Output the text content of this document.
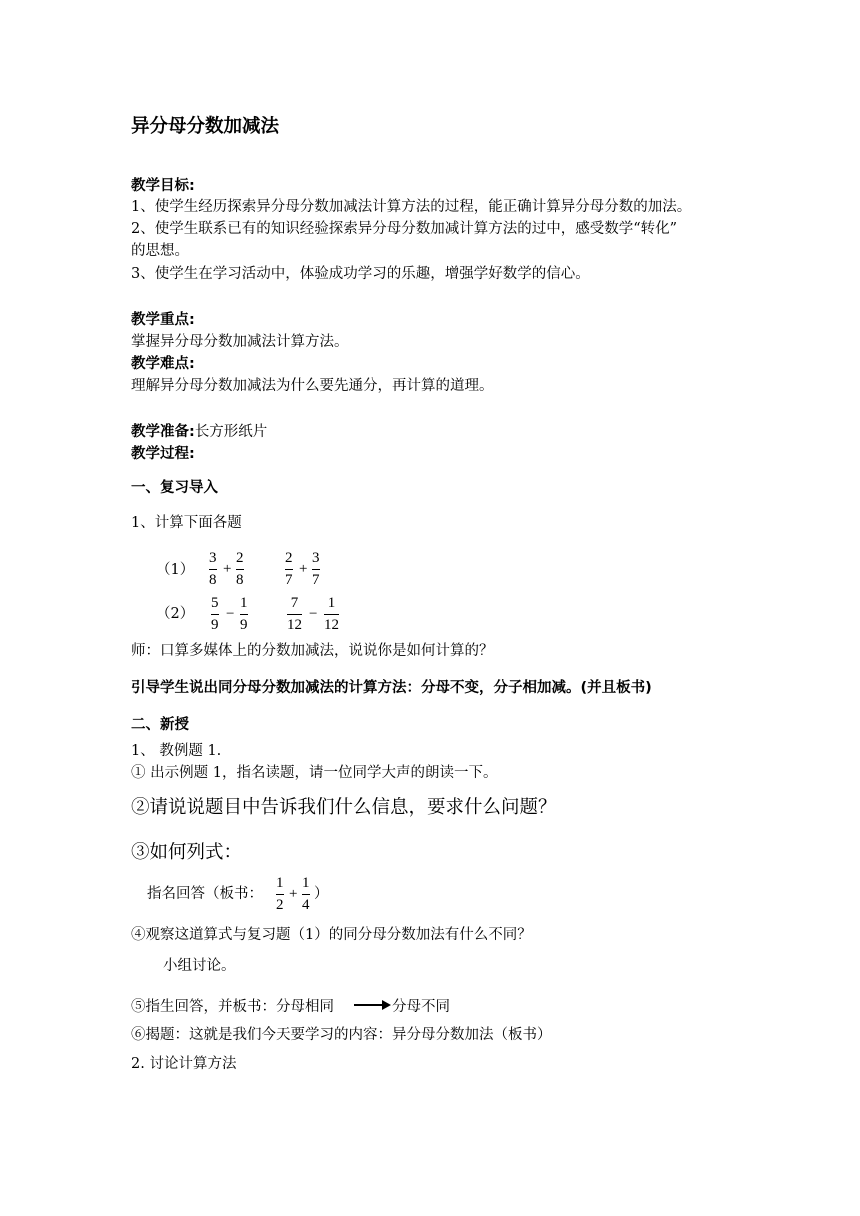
异分母分数加减法
教学目标:
1、使学生经历探索异分母分数加减法计算方法的过程，能正确计算异分母分数的加法。
2、使学生联系已有的知识经验探索异分母分数加减计算方法的过中，感受数学“转化”
的思想。
3、使学生在学习活动中，体验成功学习的乐趣，增强学好数学的信心。
教学重点:
掌握异分母分数加减法计算方法。
教学难点:
理解异分母分数加减法为什么要先通分，再计算的道理。
教学准备:长方形纸片
教学过程:
一、复习导入
1、计算下面各题
（1）
（2）
3
8
+
2
8
2
7
+
3
7
5
9
−
1
9
7
12
−
1
12
师：口算多媒体上的分数加减法，说说你是如何计算的？
引导学生说出同分母分数加减法的计算方法：分母不变，分子相加减。(并且板书)
二、新授
1、 教例题 1.
① 出示例题 1，指名读题，请一位同学大声的朗读一下。
②请说说题目中告诉我们什么信息，要求什么问题？
③如何列式：
指名回答（板书：
1
2
+
1
4
）
④观察这道算式与复习题（1）的同分母分数加法有什么不同？
小组讨论。
⑤指生回答，并板书：分母相同	分母不同
⑥揭题：这就是我们今天要学习的内容：异分母分数加法（板书）
2. 讨论计算方法
